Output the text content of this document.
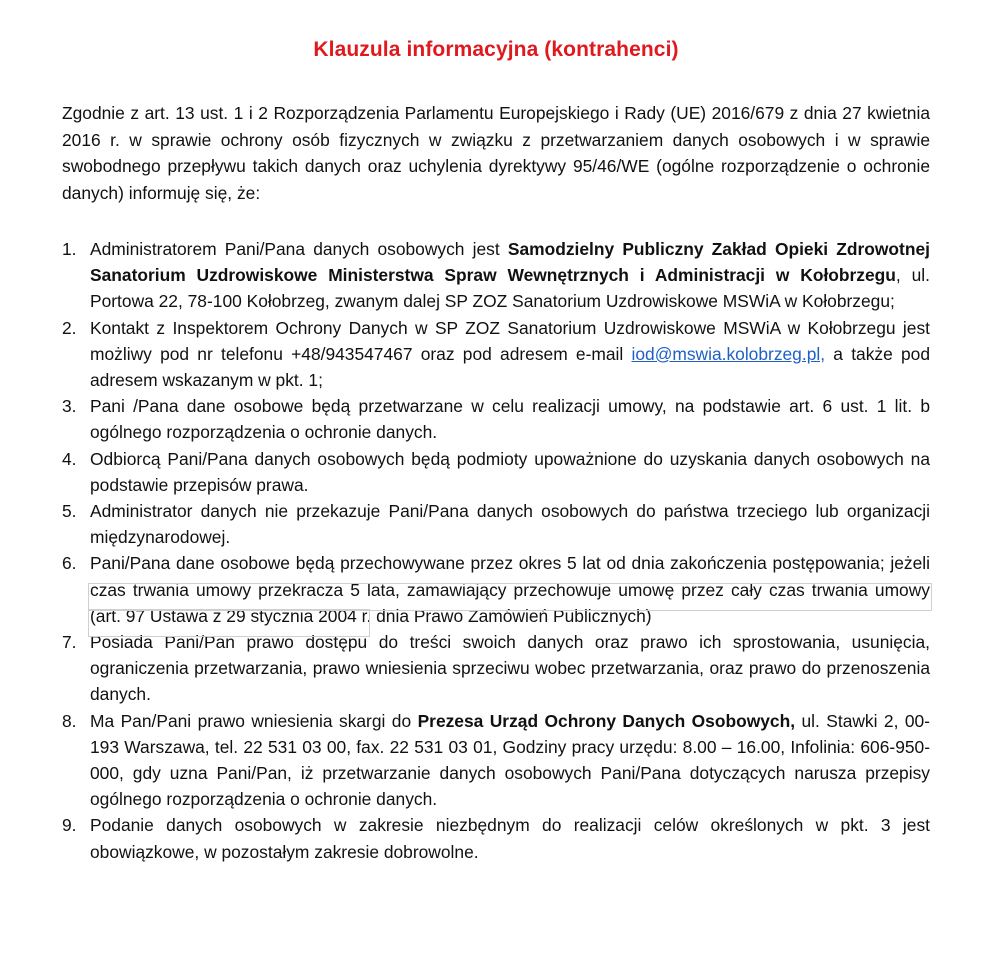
Klauzula informacyjna (kontrahenci)

Zgodnie z art. 13 ust. 1 i 2 Rozporządzenia Parlamentu Europejskiego i Rady (UE) 2016/679 z dnia 27 kwietnia 2016 r. w sprawie ochrony osób fizycznych w związku z przetwarzaniem danych osobowych i w sprawie swobodnego przepływu takich danych oraz uchylenia dyrektywy 95/46/WE (ogólne rozporządzenie o ochronie danych) informuję się, że:

1. Administratorem Pani/Pana danych osobowych jest Samodzielny Publiczny Zakład Opieki Zdrowotnej Sanatorium Uzdrowiskowe Ministerstwa Spraw Wewnętrznych i Administracji w Kołobrzegu, ul. Portowa 22, 78-100 Kołobrzeg, zwanym dalej SP ZOZ Sanatorium Uzdrowiskowe MSWiA w Kołobrzegu;
2. Kontakt z Inspektorem Ochrony Danych w SP ZOZ Sanatorium Uzdrowiskowe MSWiA w Kołobrzegu jest możliwy pod nr telefonu +48/943547467 oraz pod adresem e-mail iod@mswia.kolobrzeg.pl, a także pod adresem wskazanym w pkt. 1;
3. Pani /Pana dane osobowe będą przetwarzane w celu realizacji umowy, na podstawie art. 6 ust. 1 lit. b ogólnego rozporządzenia o ochronie danych.
4. Odbiorcą Pani/Pana danych osobowych będą podmioty upoważnione do uzyskania danych osobowych na podstawie przepisów prawa.
5. Administrator danych nie przekazuje Pani/Pana danych osobowych do państwa trzeciego lub organizacji międzynarodowej.
6. Pani/Pana dane osobowe będą przechowywane przez okres 5 lat od dnia zakończenia postępowania; jeżeli czas trwania umowy przekracza 5 lata, zamawiający przechowuje umowę przez cały czas trwania umowy (art. 97 Ustawa z 29 stycznia 2004 r. dnia Prawo Zamówień Publicznych)
7. Posiada Pani/Pan prawo dostępu do treści swoich danych oraz prawo ich sprostowania, usunięcia, ograniczenia przetwarzania, prawo wniesienia sprzeciwu wobec przetwarzania, oraz prawo do przenoszenia danych.
8. Ma Pan/Pani prawo wniesienia skargi do Prezesa Urząd Ochrony Danych Osobowych, ul. Stawki 2, 00-193 Warszawa, tel. 22 531 03 00, fax. 22 531 03 01, Godziny pracy urzędu: 8.00 – 16.00, Infolinia: 606-950-000, gdy uzna Pani/Pan, iż przetwarzanie danych osobowych Pani/Pana dotyczących narusza przepisy ogólnego rozporządzenia o ochronie danych.
9. Podanie danych osobowych w zakresie niezbędnym do realizacji celów określonych w pkt. 3 jest obowiązkowe, w pozostałym zakresie dobrowolne.
